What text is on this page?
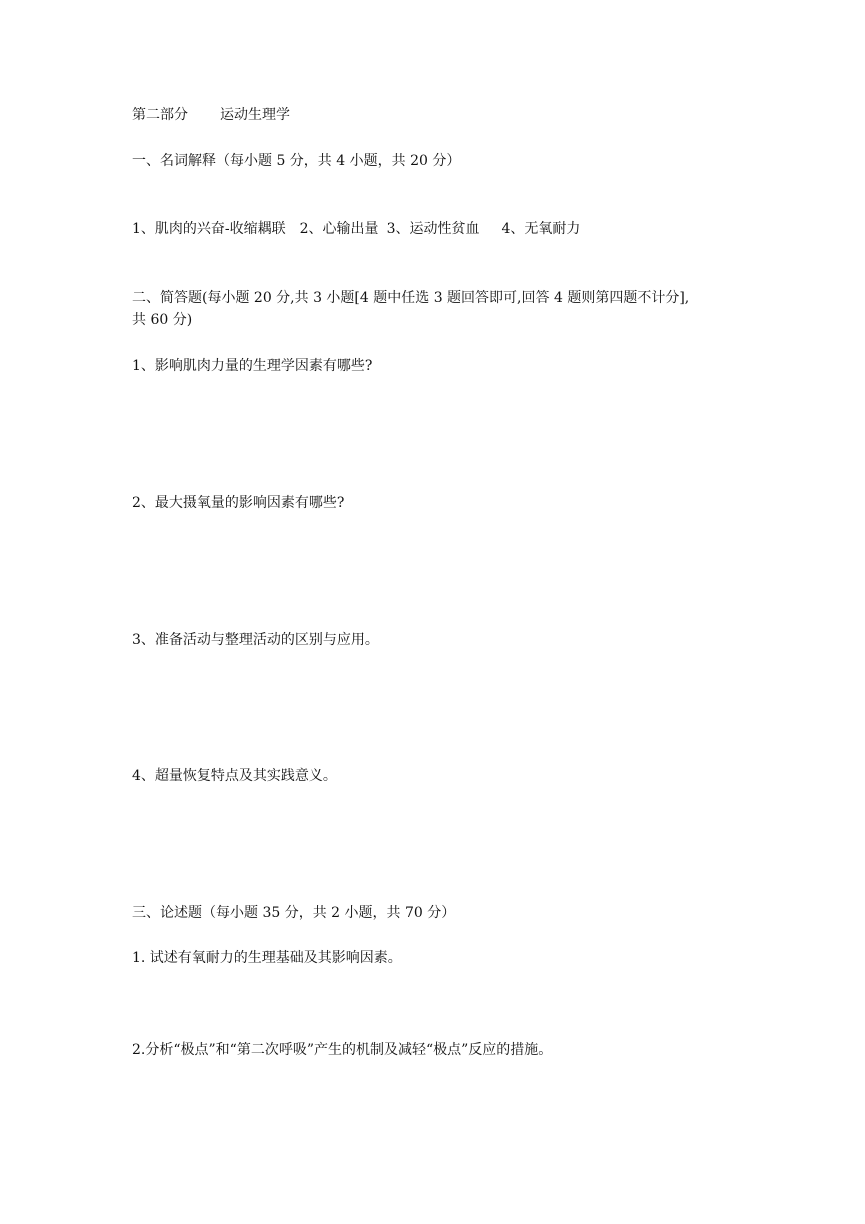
第二部分 运动生理学

一、名词解释（每小题 5 分，共 4 小题，共 20 分）

1、肌肉的兴奋-收缩耦联 2、心输出量 3、运动性贫血 4、无氧耐力

二、简答题(每小题 20 分,共 3 小题[4 题中任选 3 题回答即可,回答 4 题则第四题不计分],

共 60 分)

1、影响肌肉力量的生理学因素有哪些?

2、最大摄氧量的影响因素有哪些?

3、准备活动与整理活动的区别与应用。

4、超量恢复特点及其实践意义。

三、论述题（每小题 35 分，共 2 小题，共 70 分）

1. 试述有氧耐力的生理基础及其影响因素。

2.分析“极点”和“第二次呼吸”产生的机制及减轻“极点”反应的措施。
